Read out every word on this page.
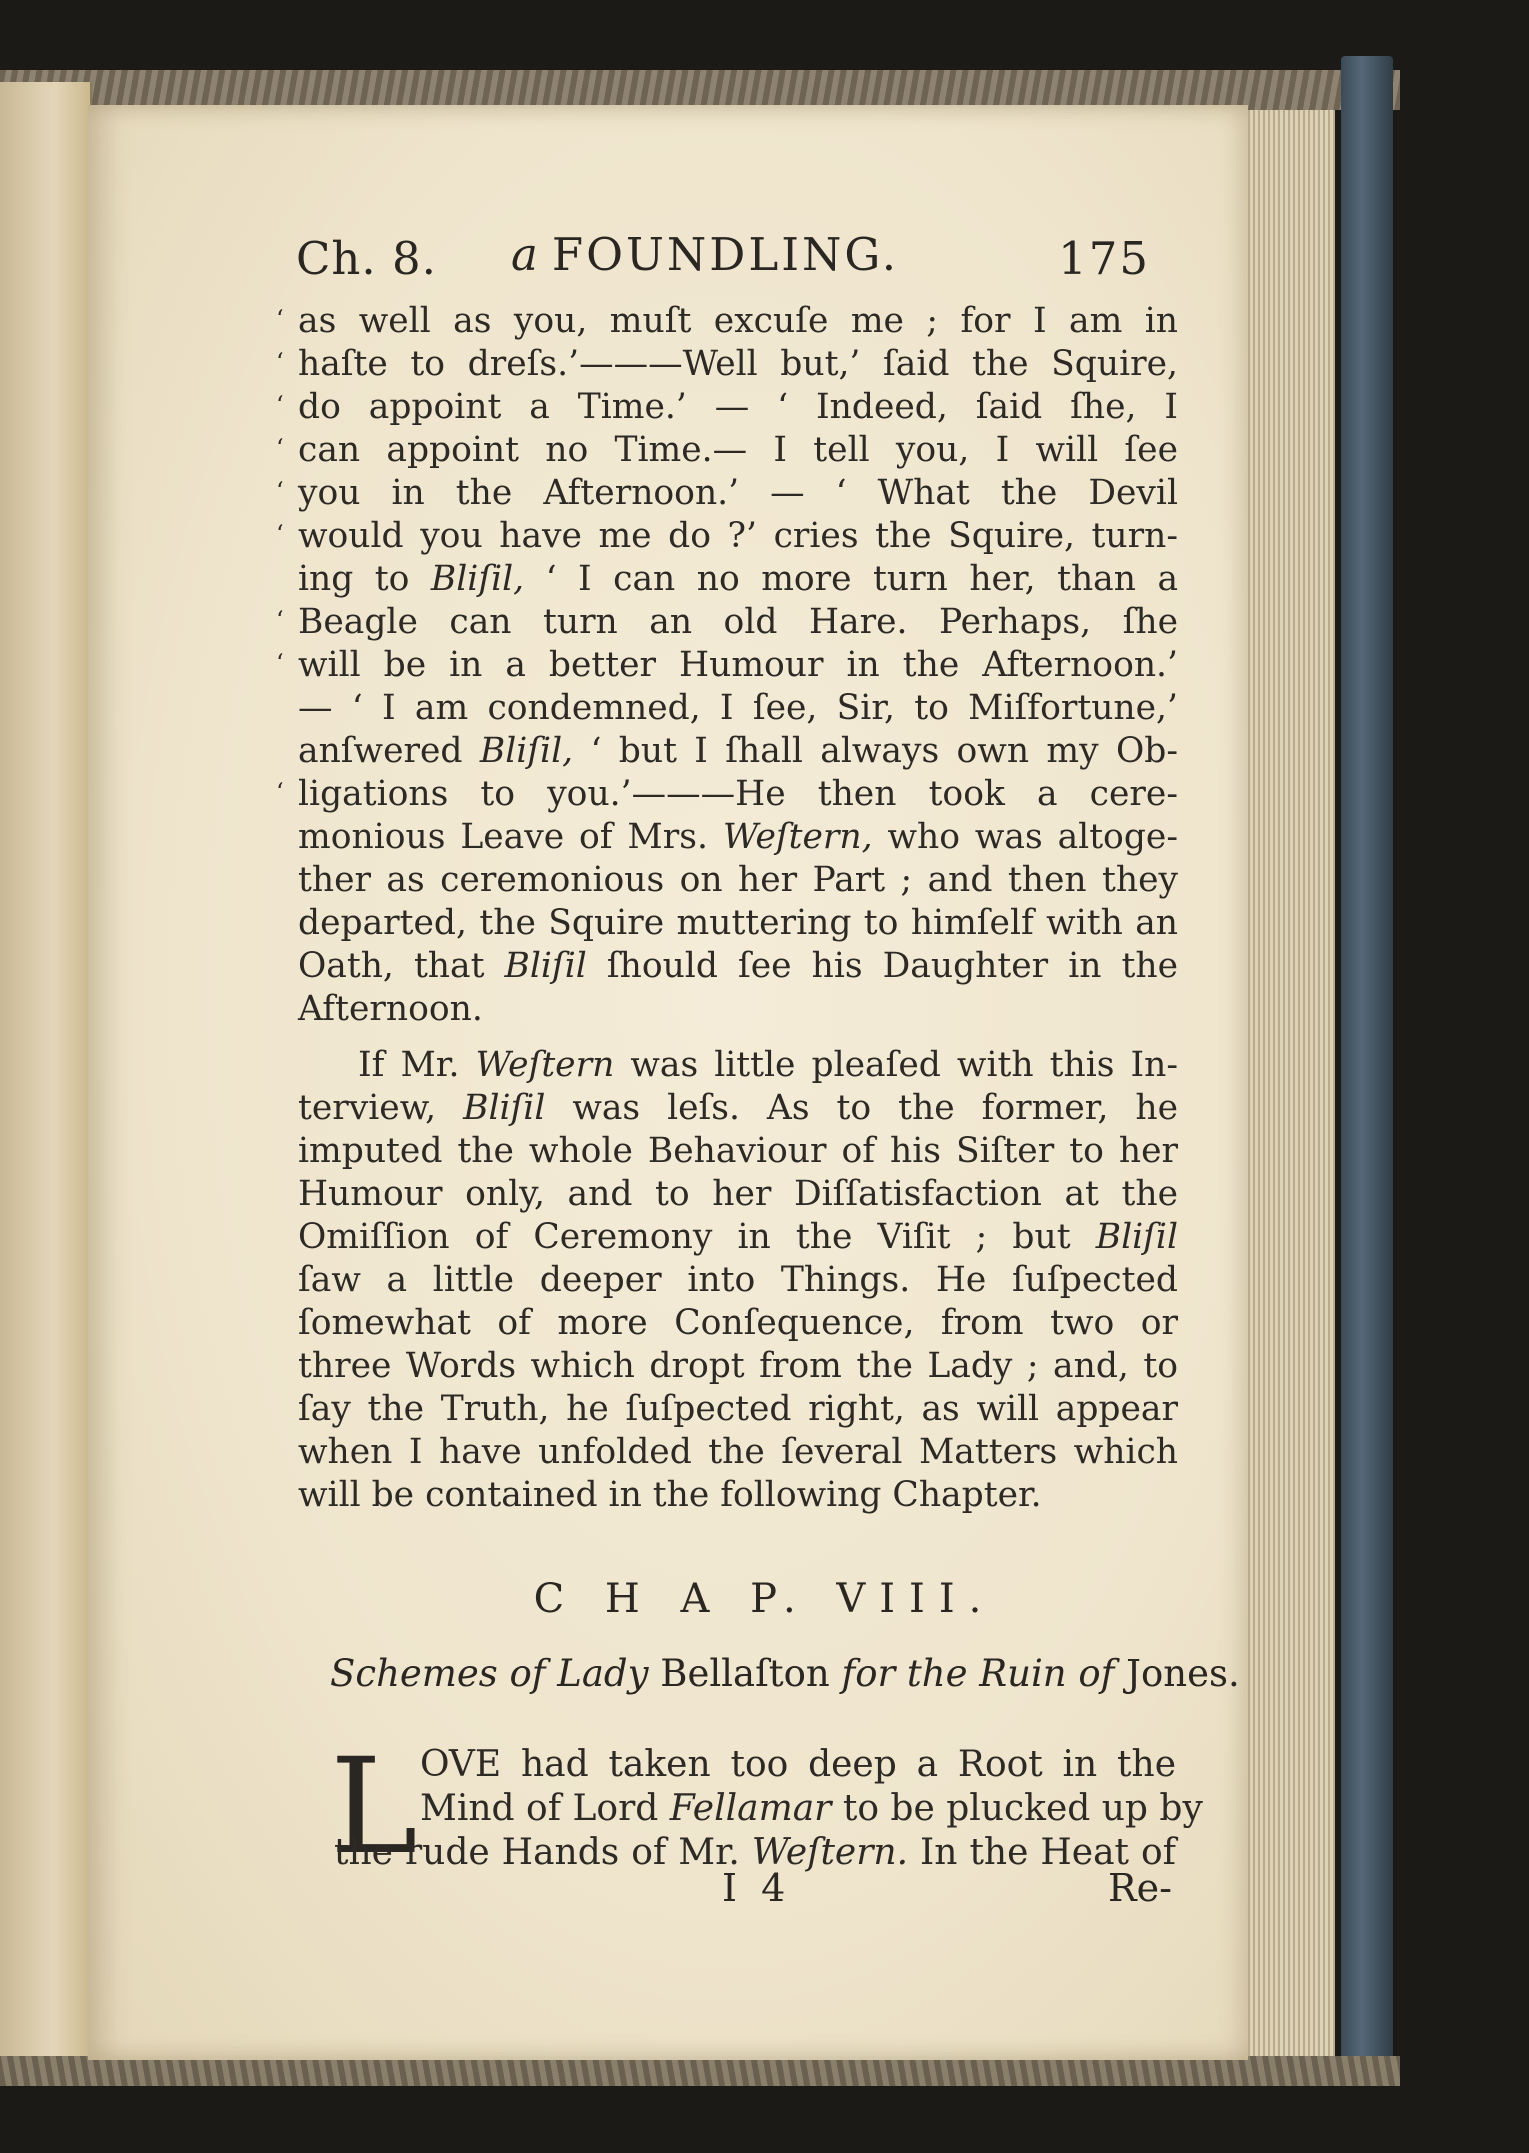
Ch. 8. a FOUNDLING.	175
‘ as well as you, muſt excuſe me ; for I am in
‘ haſte to dreſs.’———Well but,’ ſaid the Squire,
‘ do appoint a Time.’ — ‘ Indeed, ſaid ſhe, I
‘ can appoint no Time.— I tell you, I will ſee
‘ you in the Afternoon.’ — ‘ What the Devil
‘ would you have me do ?’ cries the Squire, turn-
ing to Bliſil, ‘ I can no more turn her, than a
‘ Beagle can turn an old Hare. Perhaps, ſhe
‘ will be in a better Humour in the Afternoon.’
— ‘ I am condemned, I ſee, Sir, to Miſfortune,’
anſwered Bliſil, ‘ but I ſhall always own my Ob-
‘ ligations to you.’———He then took a cere-
monious Leave of Mrs. Weſtern, who was altoge-
ther as ceremonious on her Part ; and then they
departed, the Squire muttering to himſelf with an
Oath, that Bliſil ſhould ſee his Daughter in the
Afternoon.
If Mr. Weſtern was little pleaſed with this In-
terview, Bliſil was leſs. As to the former, he
imputed the whole Behaviour of his Siſter to her
Humour only, and to her Diſſatisfaction at the
Omiſſion of Ceremony in the Viſit ; but Bliſil
ſaw a little deeper into Things. He ſuſpected
ſomewhat of more Conſequence, from two or
three Words which dropt from the Lady ; and, to
ſay the Truth, he ſuſpected right, as will appear
when I have unfolded the ſeveral Matters which
will be contained in the following Chapter.
C H A P. VIII.
Schemes of Lady Bellaſton for the Ruin of Jones.
L OVE had taken too deep a Root in the
Mind of Lord Fellamar to be plucked up by
the rude Hands of Mr. Weſtern. In the Heat of
I 4	Re-
